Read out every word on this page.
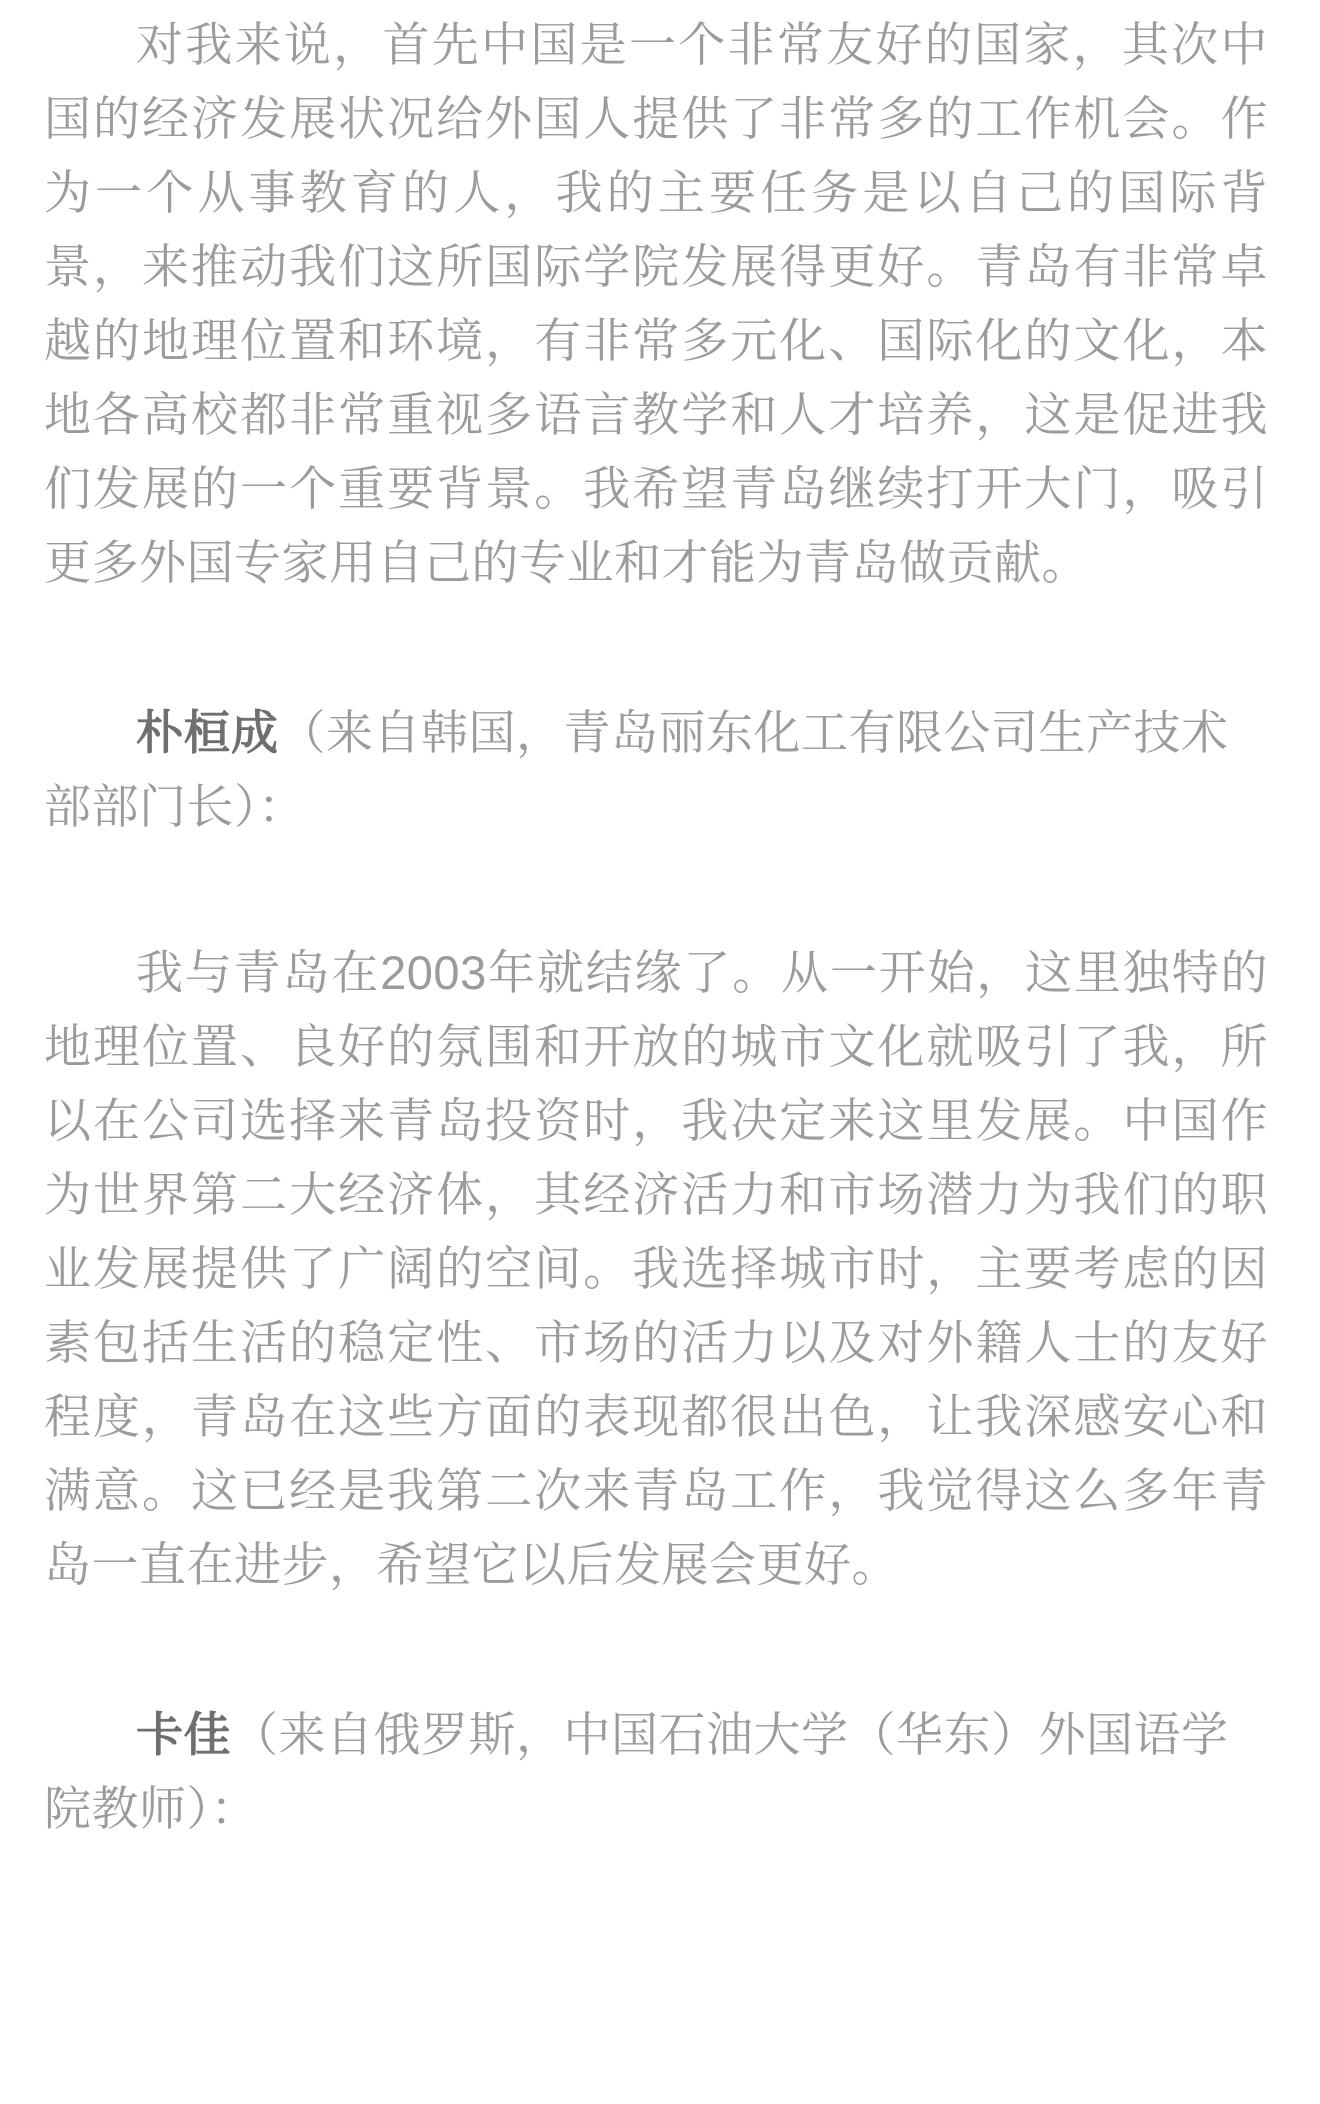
对我来说，首先中国是一个非常友好的国家，其次中国的经济发展状况给外国人提供了非常多的工作机会。作为一个从事教育的人，我的主要任务是以自己的国际背景，来推动我们这所国际学院发展得更好。青岛有非常卓越的地理位置和环境，有非常多元化、国际化的文化，本地各高校都非常重视多语言教学和人才培养，这是促进我们发展的一个重要背景。我希望青岛继续打开大门，吸引更多外国专家用自己的专业和才能为青岛做贡献。

朴桓成（来自韩国，青岛丽东化工有限公司生产技术部部门长）：

我与青岛在2003年就结缘了。从一开始，这里独特的地理位置、良好的氛围和开放的城市文化就吸引了我，所以在公司选择来青岛投资时，我决定来这里发展。中国作为世界第二大经济体，其经济活力和市场潜力为我们的职业发展提供了广阔的空间。我选择城市时，主要考虑的因素包括生活的稳定性、市场的活力以及对外籍人士的友好程度，青岛在这些方面的表现都很出色，让我深感安心和满意。这已经是我第二次来青岛工作，我觉得这么多年青岛一直在进步，希望它以后发展会更好。

卡佳（来自俄罗斯，中国石油大学（华东）外国语学院教师）：
